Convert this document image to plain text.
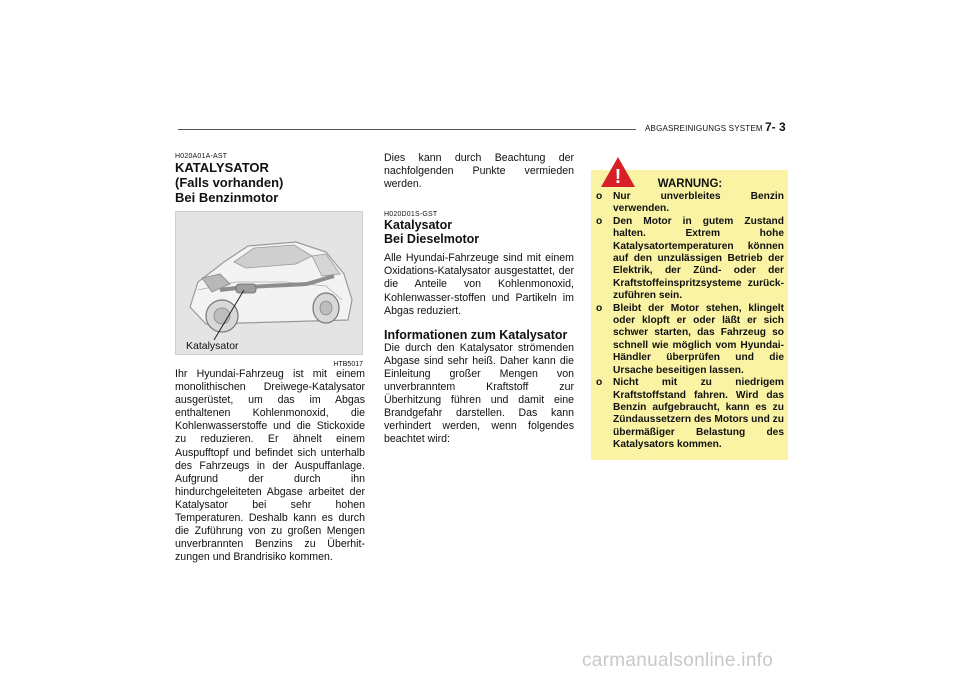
ABGASREINIGUNGS SYSTEM 7- 3
H020A01A-AST
KATALYSATOR
(Falls vorhanden)
Bei Benzinmotor
Katalysator
HTB5017
Ihr Hyundai-Fahrzeug ist mit einem monolithischen Dreiwege-Katalysator ausgerüstet, um das im Abgas enthaltenen Kohlenmonoxid, die Kohlenwasserstoffe und die Stickoxide zu reduzieren. Er ähnelt einem Auspufftopf und befindet sich unterhalb des Fahrzeugs in der Auspuffanlage. Aufgrund der durch ihn hindurchgeleiteten Abgase arbeitet der Katalysator bei sehr hohen Temperaturen. Deshalb kann es durch die Zuführung von zu großen Mengen unverbrannten Benzins zu Überhit-zungen und Brandrisiko kommen.
Dies kann durch Beachtung der nachfolgenden Punkte vermieden werden.
H020D01S-GST
Katalysator
Bei Dieselmotor
Alle Hyundai-Fahrzeuge sind mit einem Oxidations-Katalysator ausgestattet, der die Anteile von Kohlenmonoxid, Kohlenwasser-stoffen und Partikeln im Abgas reduziert.
Informationen zum Katalysator
Die durch den Katalysator strömenden Abgase sind sehr heiß. Daher kann die Einleitung großer Mengen von unverbranntem Kraftstoff zur Überhitzung führen und damit eine Brandgefahr darstellen. Das kann verhindert werden, wenn folgendes beachtet wird:
WARNUNG:
o	Nur unverbleites Benzin verwenden.
o	Den Motor in gutem Zustand halten. Extrem hohe Katalysatortemperaturen können auf den unzulässigen Betrieb der Elektrik, der Zünd- oder der Kraftstoffeinspritzsysteme zurück-zuführen sein.
o	Bleibt der Motor stehen, klingelt oder klopft er oder läßt er sich schwer starten, das Fahrzeug so schnell wie möglich vom Hyundai-Händler überprüfen und die Ursache beseitigen lassen.
o	Nicht mit zu niedrigem Kraftstoffstand fahren. Wird das Benzin aufgebraucht, kann es zu Zündaussetzern des Motors und zu übermäßiger Belastung des Katalysators kommen.
!
carmanualsonline.info
